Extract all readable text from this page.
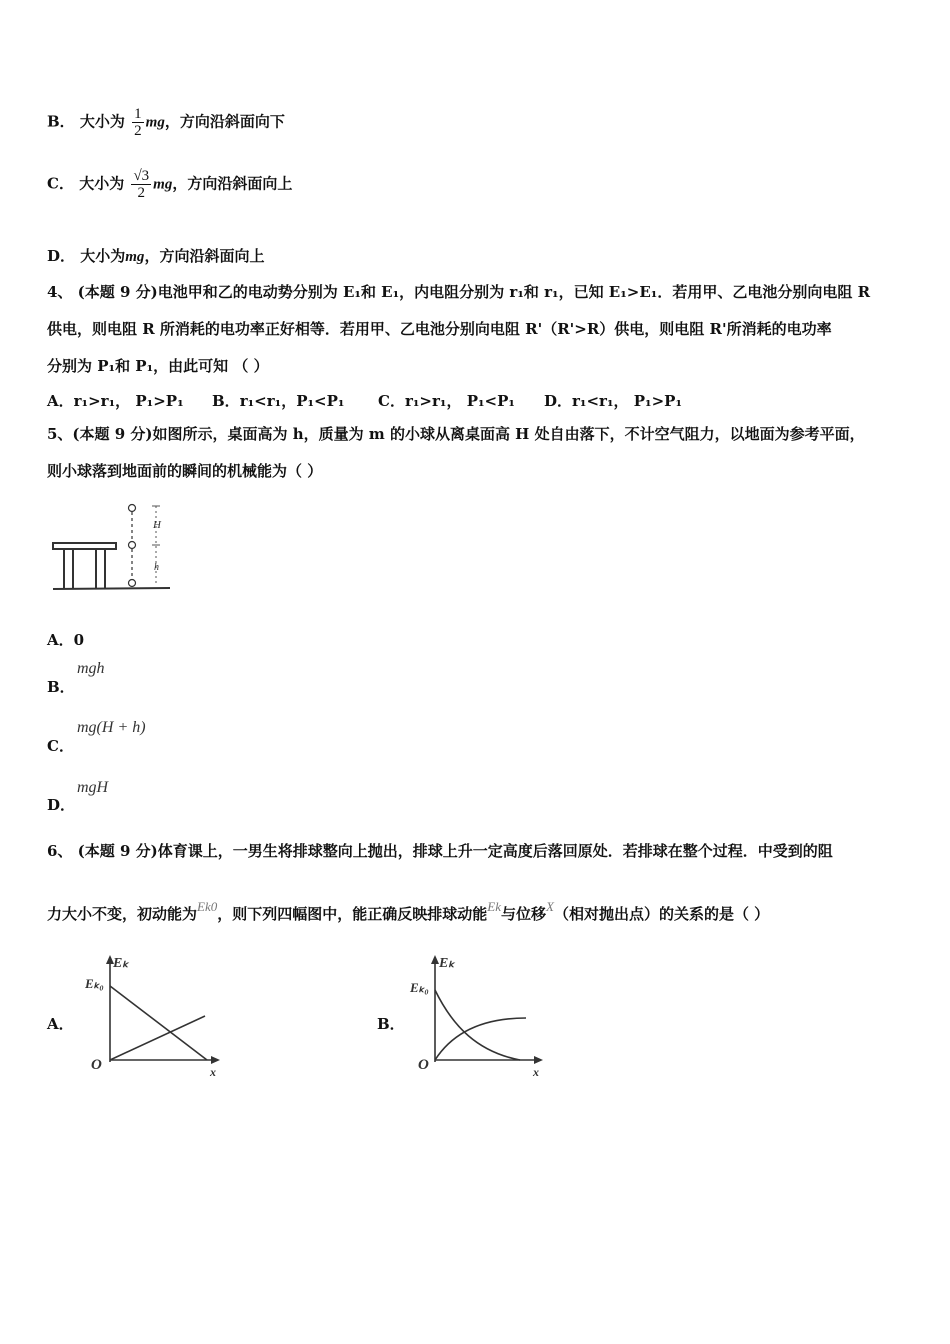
B． 大小为 $\frac{1}{2}$ mg，方向沿斜面向下
C． 大小为 $\frac{√3}{2}$ mg，方向沿斜面向上
D． 大小为mg，方向沿斜面向上
4、 (本题 9 分)电池甲和乙的电动势分别为 E₁和 E₁，内电阻分别为 r₁和 r₁，已知 E₁>E₁．若用甲、乙电池分别向电阻 R
供电，则电阻 R 所消耗的电功率正好相等．若用甲、乙电池分别向电阻 R'（R'>R）供电，则电阻 R'所消耗的电功率
分别为 P₁和 P₁，由此可知 （ ）
A．r₁>r₁， P₁>P₁ B．r₁<r₁，P₁<P₁ C．r₁>r₁， P₁<P₁ D．r₁<r₁， P₁>P₁
5、(本题 9 分)如图所示，桌面高为 h，质量为 m 的小球从离桌面高 H 处自由落下，不计空气阻力，以地面为参考平面，
则小球落到地面前的瞬间的机械能为（ ）
H
h
A．0
B．
mgh
C．
mg(H + h)
D．
mgH
6、 (本题 9 分)体育课上，一男生将排球整向上抛出，排球上升一定高度后落回原处．若排球在整个过程．中受到的阻
力大小不变，初动能为Ek0，则下列四幅图中，能正确反映排球动能Ek与位移X（相对抛出点）的关系的是（ ）
A．
Eₖ
Eₖ₀
O	x
B．
Eₖ
Eₖ₀
O	x
